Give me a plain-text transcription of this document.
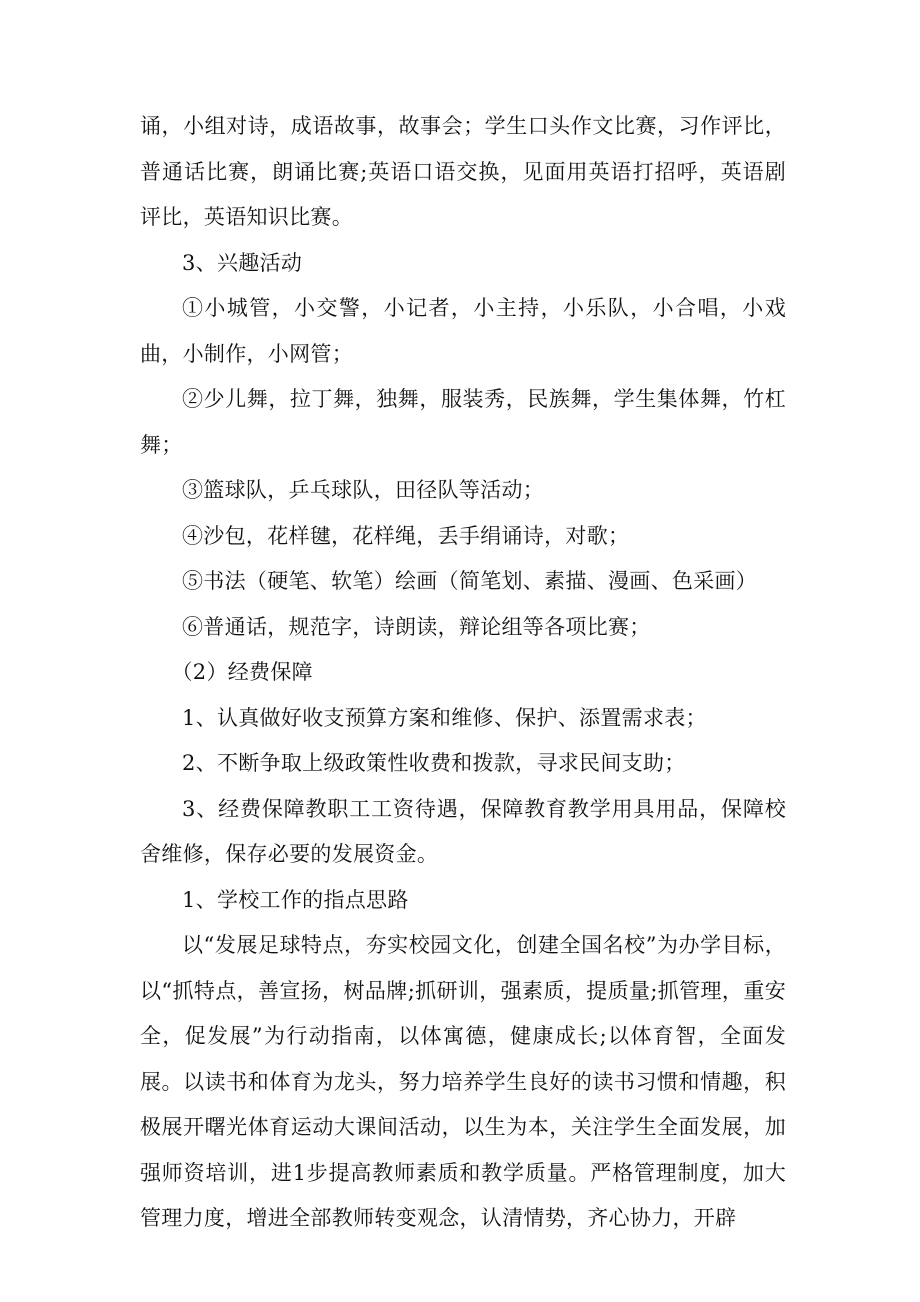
诵，小组对诗，成语故事，故事会；学生口头作文比赛，习作评比，普通话比赛，朗诵比赛;英语口语交换，见面用英语打招呼，英语剧评比，英语知识比赛。

3、兴趣活动

①小城管，小交警，小记者，小主持，小乐队，小合唱，小戏曲，小制作，小网管；

②少儿舞，拉丁舞，独舞，服装秀，民族舞，学生集体舞，竹杠舞；

③篮球队，乒乓球队，田径队等活动；

④沙包，花样毽，花样绳，丢手绢诵诗，对歌；

⑤书法（硬笔、软笔）绘画（简笔划、素描、漫画、色采画）

⑥普通话，规范字，诗朗读，辩论组等各项比赛；

（2）经费保障

1、认真做好收支预算方案和维修、保护、添置需求表；

2、不断争取上级政策性收费和拨款，寻求民间支助；

3、经费保障教职工工资待遇，保障教育教学用具用品，保障校舍维修，保存必要的发展资金。

1、学校工作的指点思路

以“发展足球特点，夯实校园文化，创建全国名校”为办学目标，以“抓特点，善宣扬，树品牌;抓研训，强素质，提质量;抓管理，重安全，促发展”为行动指南，以体寓德，健康成长;以体育智，全面发展。以读书和体育为龙头，努力培养学生良好的读书习惯和情趣，积极展开曙光体育运动大课间活动，以生为本，关注学生全面发展，加强师资培训，进1步提高教师素质和教学质量。严格管理制度，加大管理力度，增进全部教师转变观念，认清情势，齐心协力，开辟
